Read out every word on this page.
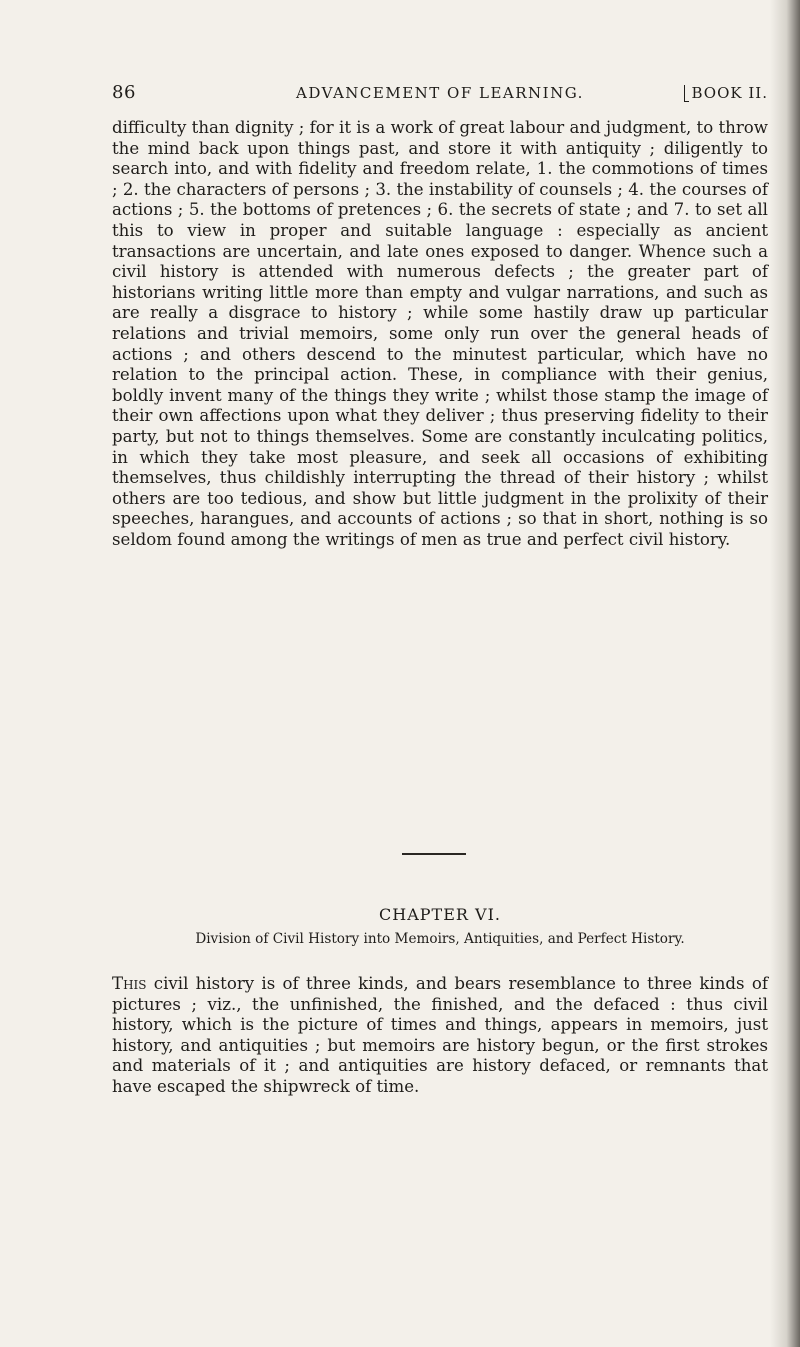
86	ADVANCEMENT OF LEARNING.	BOOK II.

difficulty than dignity ; for it is a work of great labour and judgment, to throw the mind back upon things past, and store it with antiquity ; diligently to search into, and with fidelity and freedom relate, 1. the commotions of times ; 2. the characters of persons ; 3. the instability of counsels ; 4. the courses of actions ; 5. the bottoms of pretences ; 6. the secrets of state ; and 7. to set all this to view in proper and suitable language : especially as ancient transactions are uncertain, and late ones exposed to danger. Whence such a civil history is attended with numerous defects ; the greater part of historians writing little more than empty and vulgar narrations, and such as are really a disgrace to history ; while some hastily draw up particular relations and trivial memoirs, some only run over the general heads of actions ; and others descend to the minutest particular, which have no relation to the principal action. These, in compliance with their genius, boldly invent many of the things they write ; whilst those stamp the image of their own affections upon what they deliver ; thus preserving fidelity to their party, but not to things themselves. Some are constantly inculcating politics, in which they take most pleasure, and seek all occasions of exhibiting themselves, thus childishly interrupting the thread of their history ; whilst others are too tedious, and show but little judgment in the prolixity of their speeches, harangues, and accounts of actions ; so that in short, nothing is so seldom found among the writings of men as true and perfect civil history.

CHAPTER VI.
Division of Civil History into Memoirs, Antiquities, and Perfect History.

This civil history is of three kinds, and bears resemblance to three kinds of pictures ; viz., the unfinished, the finished, and the defaced : thus civil history, which is the picture of times and things, appears in memoirs, just history, and antiquities ; but memoirs are history begun, or the first strokes and materials of it ; and antiquities are history defaced, or remnants that have escaped the shipwreck of time.
